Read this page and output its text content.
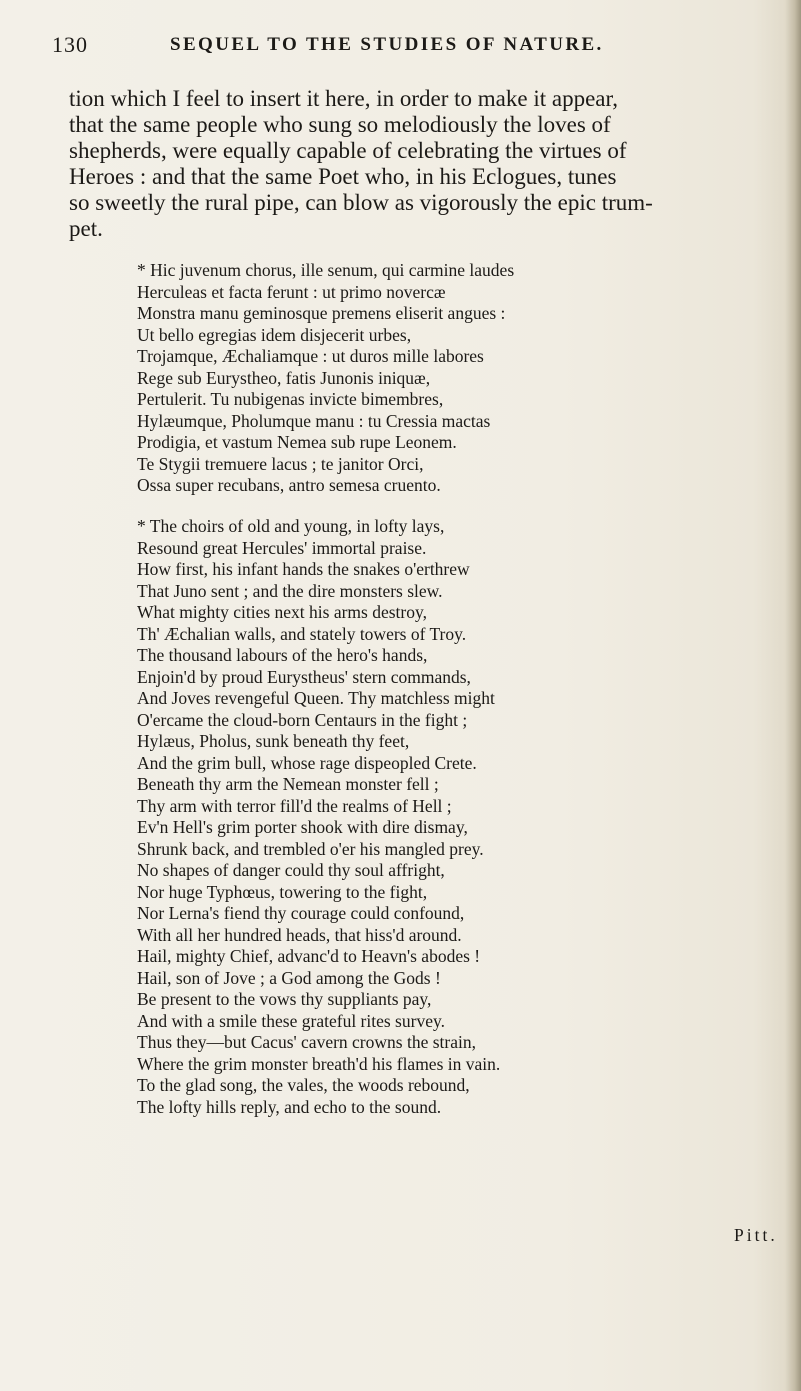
130	SEQUEL TO THE STUDIES OF NATURE.
tion which I feel to insert it here, in order to make it appear,
that the same people who sung so melodiously the loves of
shepherds, were equally capable of celebrating the virtues of
Heroes : and that the same Poet who, in his Eclogues, tunes
so sweetly the rural pipe, can blow as vigorously the epic trum-
pet.
* Hic juvenum chorus, ille senum, qui carmine laudes
Herculeas et facta ferunt : ut primo novercæ
Monstra manu geminosque premens eliserit angues :
Ut bello egregias idem disjecerit urbes,
Trojamque, Æchaliamque : ut duros mille labores
Rege sub Eurystheo, fatis Junonis iniquæ,
Pertulerit. Tu nubigenas invicte bimembres,
Hylæumque, Pholumque manu : tu Cressia mactas
Prodigia, et vastum Nemea sub rupe Leonem.
Te Stygii tremuere lacus ; te janitor Orci,
Ossa super recubans, antro semesa cruento.
* The choirs of old and young, in lofty lays,
Resound great Hercules' immortal praise.
How first, his infant hands the snakes o'erthrew
That Juno sent ; and the dire monsters slew.
What mighty cities next his arms destroy,
Th' Æchalian walls, and stately towers of Troy.
The thousand labours of the hero's hands,
Enjoin'd by proud Eurystheus' stern commands,
And Joves revengeful Queen. Thy matchless might
O'ercame the cloud-born Centaurs in the fight ;
Hylæus, Pholus, sunk beneath thy feet,
And the grim bull, whose rage dispeopled Crete.
Beneath thy arm the Nemean monster fell ;
Thy arm with terror fill'd the realms of Hell ;
Ev'n Hell's grim porter shook with dire dismay,
Shrunk back, and trembled o'er his mangled prey.
No shapes of danger could thy soul affright,
Nor huge Typhœus, towering to the fight,
Nor Lerna's fiend thy courage could confound,
With all her hundred heads, that hiss'd around.
Hail, mighty Chief, advanc'd to Heavn's abodes !
Hail, son of Jove ; a God among the Gods !
Be present to the vows thy suppliants pay,
And with a smile these grateful rites survey.
Thus they—but Cacus' cavern crowns the strain,
Where the grim monster breath'd his flames in vain.
To the glad song, the vales, the woods rebound,
The lofty hills reply, and echo to the sound.
Pitt.
